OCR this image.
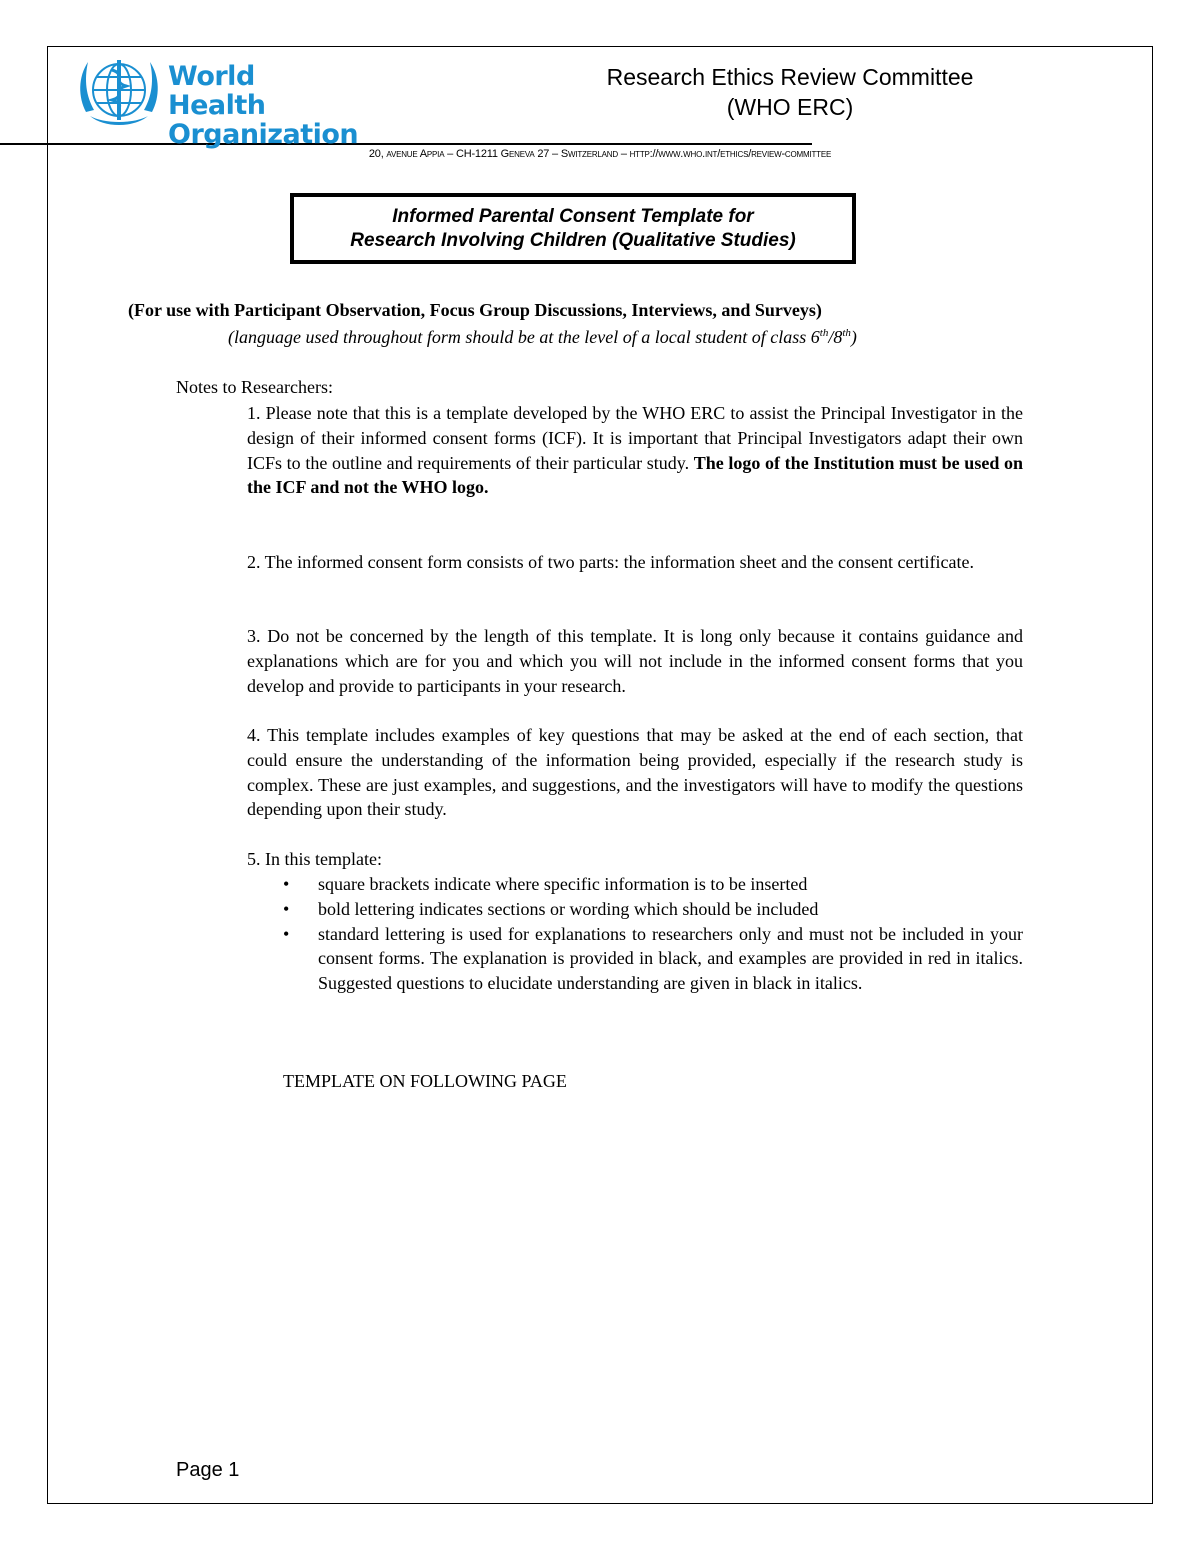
World Health
Organization
Research Ethics Review Committee
(WHO ERC)
20, avenue Appia – CH-1211 Geneva 27 – Switzerland – http://www.who.int/ethics/review-committee
Informed Parental Consent Template for
Research Involving Children (Qualitative Studies)
(For use with Participant Observation, Focus Group Discussions, Interviews, and Surveys)
(language used throughout form should be at the level of a local student of class 6th/8th)
Notes to Researchers:
1. Please note that this is a template developed by the WHO ERC to assist the Principal Investigator in the design of their informed consent forms (ICF). It is important that Principal Investigators adapt their own ICFs to the outline and requirements of their particular study. The logo of the Institution must be used on the ICF and not the WHO logo.
2. The informed consent form consists of two parts: the information sheet and the consent certificate.
3. Do not be concerned by the length of this template. It is long only because it contains guidance and explanations which are for you and which you will not include in the informed consent forms that you develop and provide to participants in your research.
4. This template includes examples of key questions that may be asked at the end of each section, that could ensure the understanding of the information being provided, especially if the research study is complex. These are just examples, and suggestions, and the investigators will have to modify the questions depending upon their study.
5. In this template:
• square brackets indicate where specific information is to be inserted
• bold lettering indicates sections or wording which should be included
• standard lettering is used for explanations to researchers only and must not be included in your consent forms. The explanation is provided in black, and examples are provided in red in italics. Suggested questions to elucidate understanding are given in black in italics.
TEMPLATE ON FOLLOWING PAGE
Page 1
